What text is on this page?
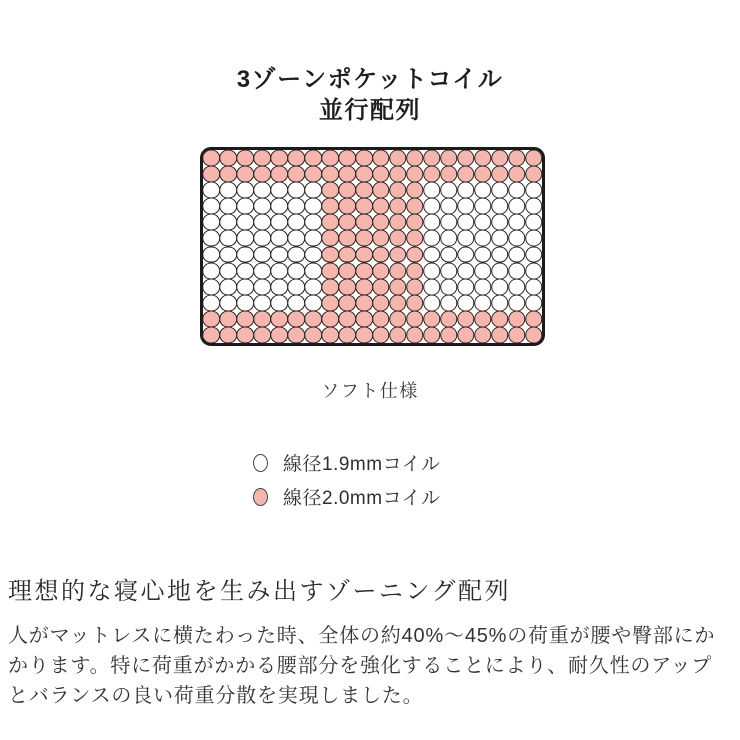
3ゾーンポケットコイル
並行配列
ソフト仕様
線径1.9mmコイル
線径2.0mmコイル
理想的な寝心地を生み出すゾーニング配列

人がマットレスに横たわった時、全体の約40%〜45%の荷重が腰や臀部にかかります。特に荷重がかかる腰部分を強化することにより、耐久性のアップとバランスの良い荷重分散を実現しました。
